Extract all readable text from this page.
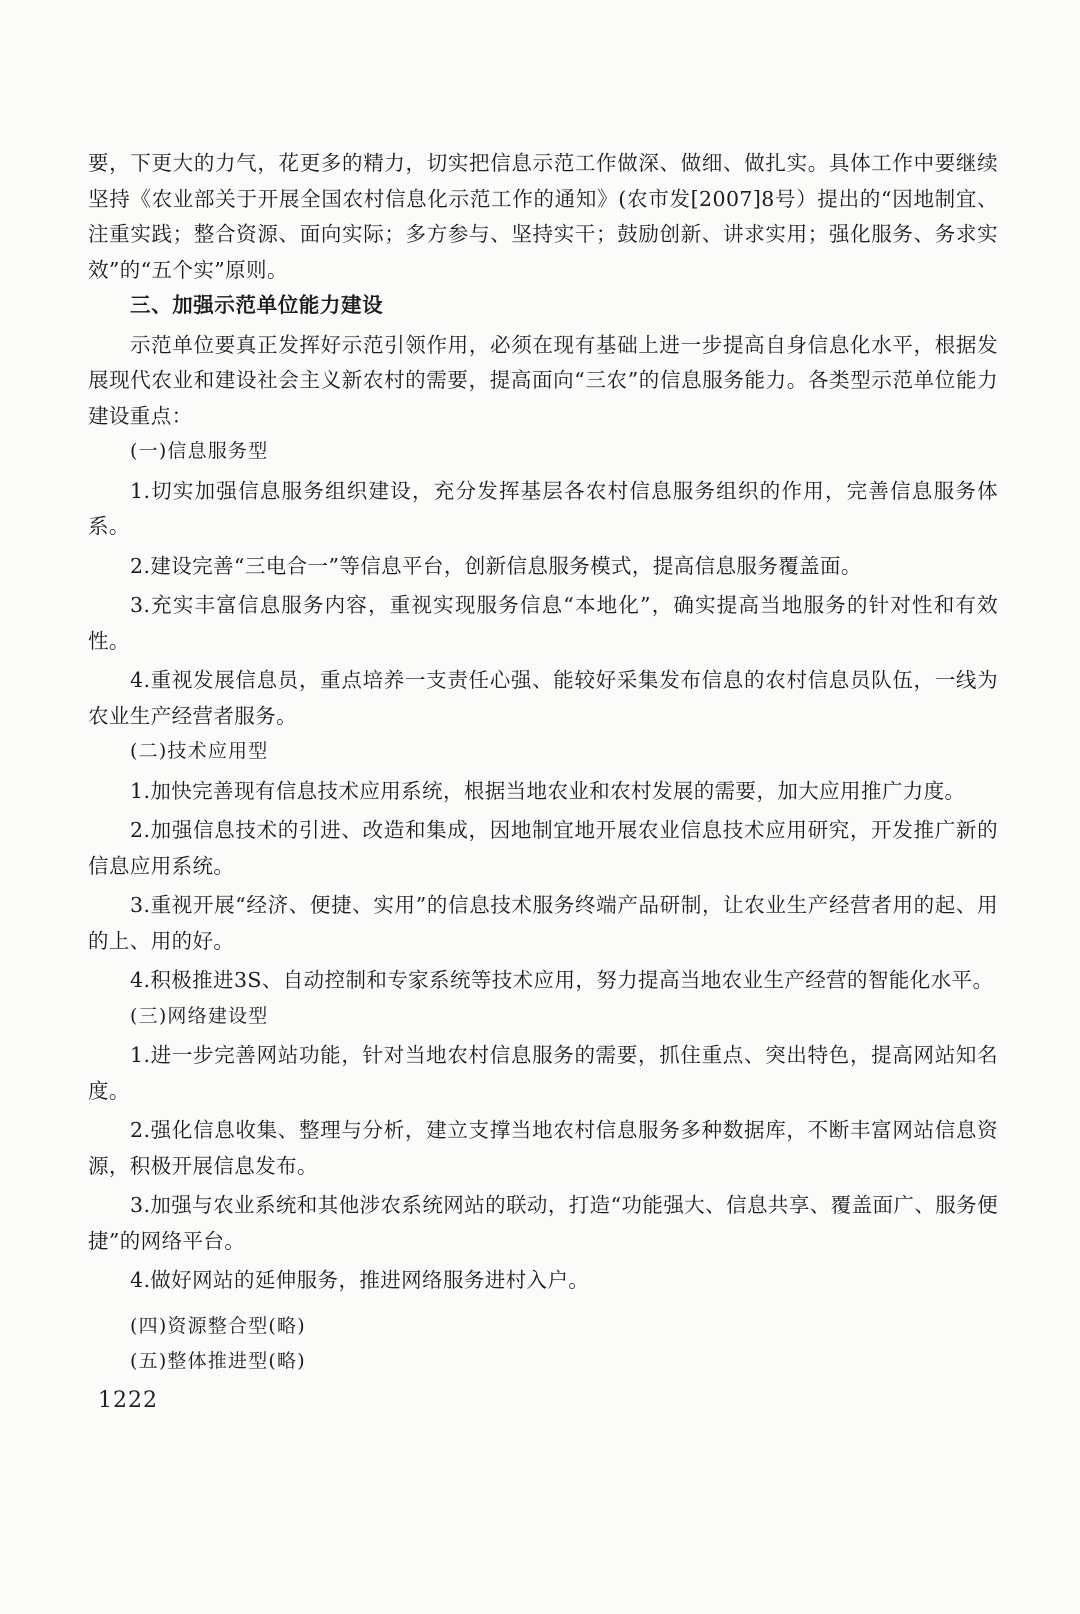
要，下更大的力气，花更多的精力，切实把信息示范工作做深、做细、做扎实。具体工作中要继续坚持《农业部关于开展全国农村信息化示范工作的通知》(农市发[2007]8号）提出的“因地制宜、注重实践；整合资源、面向实际；多方参与、坚持实干；鼓励创新、讲求实用；强化服务、务求实效”的“五个实”原则。

三、加强示范单位能力建设

示范单位要真正发挥好示范引领作用，必须在现有基础上进一步提高自身信息化水平，根据发展现代农业和建设社会主义新农村的需要，提高面向“三农”的信息服务能力。各类型示范单位能力建设重点：

(一)信息服务型

1.切实加强信息服务组织建设，充分发挥基层各农村信息服务组织的作用，完善信息服务体系。

2.建设完善“三电合一”等信息平台，创新信息服务模式，提高信息服务覆盖面。

3.充实丰富信息服务内容，重视实现服务信息“本地化”，确实提高当地服务的针对性和有效性。

4.重视发展信息员，重点培养一支责任心强、能较好采集发布信息的农村信息员队伍，一线为农业生产经营者服务。

(二)技术应用型

1.加快完善现有信息技术应用系统，根据当地农业和农村发展的需要，加大应用推广力度。

2.加强信息技术的引进、改造和集成，因地制宜地开展农业信息技术应用研究，开发推广新的信息应用系统。

3.重视开展“经济、便捷、实用”的信息技术服务终端产品研制，让农业生产经营者用的起、用的上、用的好。

4.积极推进3S、自动控制和专家系统等技术应用，努力提高当地农业生产经营的智能化水平。

(三)网络建设型

1.进一步完善网站功能，针对当地农村信息服务的需要，抓住重点、突出特色，提高网站知名度。

2.强化信息收集、整理与分析，建立支撑当地农村信息服务多种数据库，不断丰富网站信息资源，积极开展信息发布。

3.加强与农业系统和其他涉农系统网站的联动，打造“功能强大、信息共享、覆盖面广、服务便捷”的网络平台。

4.做好网站的延伸服务，推进网络服务进村入户。

(四)资源整合型(略)

(五)整体推进型(略)

1222
